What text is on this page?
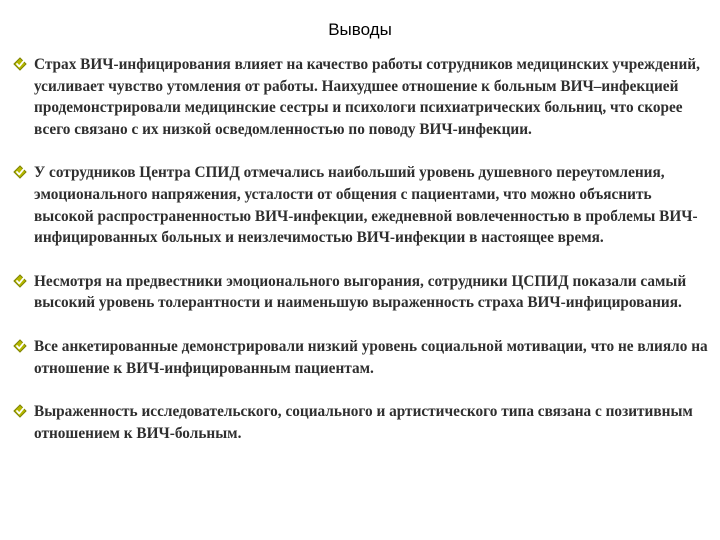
Выводы

Страх ВИЧ-инфицирования влияет на качество работы сотрудников медицинских учреждений, усиливает чувство утомления от работы. Наихудшее отношение к больным ВИЧ–инфекцией продемонстрировали медицинские сестры и психологи психиатрических больниц, что скорее всего связано с их низкой осведомленностью по поводу ВИЧ-инфекции.

У сотрудников Центра СПИД отмечались наибольший уровень душевного переутомления, эмоционального напряжения, усталости от общения с пациентами, что можно объяснить высокой распространенностью ВИЧ-инфекции, ежедневной вовлеченностью в проблемы ВИЧ-инфицированных больных и неизлечимостью ВИЧ-инфекции в настоящее время.

Несмотря на предвестники эмоционального выгорания, сотрудники ЦСПИД показали самый высокий уровень толерантности и наименьшую выраженность страха ВИЧ-инфицирования.

Все анкетированные демонстрировали низкий уровень социальной мотивации, что не влияло на отношение к ВИЧ-инфицированным пациентам.

Выраженность исследовательского, социального и артистического типа связана с позитивным отношением к ВИЧ-больным.
